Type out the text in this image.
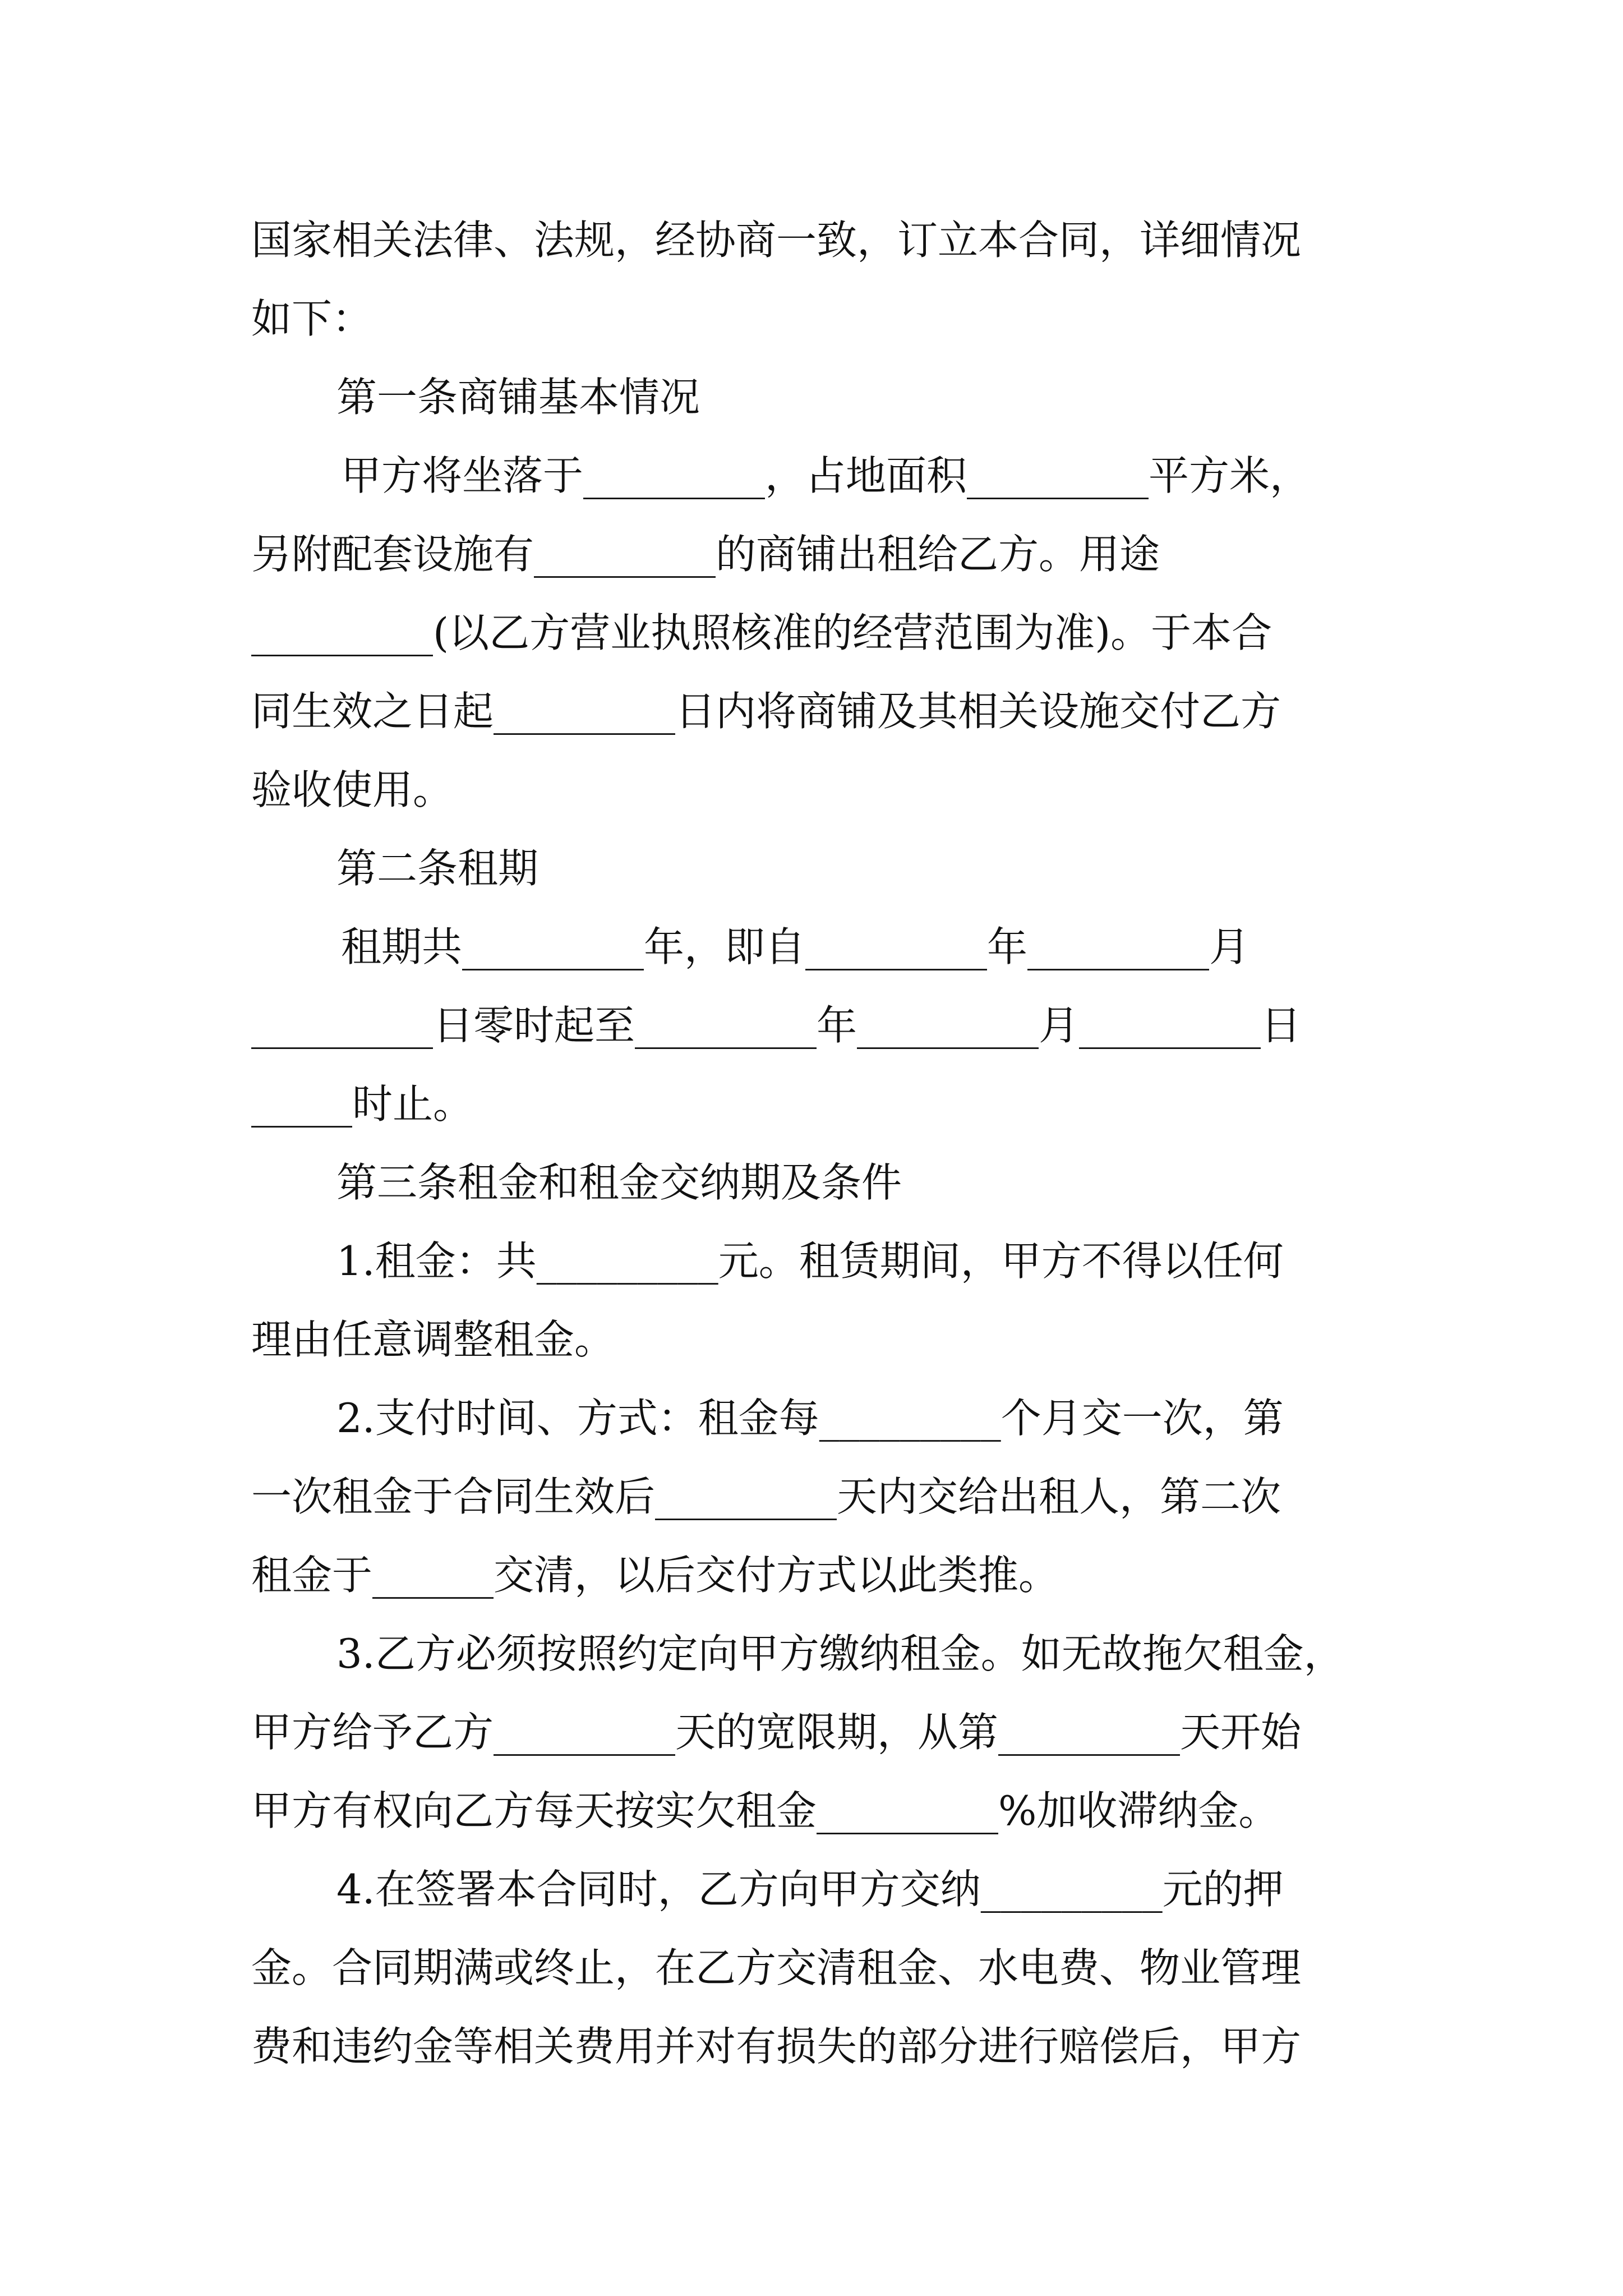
国家相关法律、法规，经协商一致，订立本合同，详细情况
如下：
第一条商铺基本情况
甲方将坐落于_________，占地面积_________平方米，
另附配套设施有_________的商铺出租给乙方。用途
_________(以乙方营业执照核准的经营范围为准)。于本合
同生效之日起_________日内将商铺及其相关设施交付乙方
验收使用。
第二条租期
租期共_________年，即自_________年_________月
_________日零时起至_________年_________月_________日
_____时止。
第三条租金和租金交纳期及条件
1.租金：共_________元。租赁期间，甲方不得以任何
理由任意调整租金。
2.支付时间、方式：租金每_________个月交一次，第
一次租金于合同生效后_________天内交给出租人，第二次
租金于______交清，以后交付方式以此类推。
3.乙方必须按照约定向甲方缴纳租金。如无故拖欠租金，
甲方给予乙方_________天的宽限期，从第_________天开始
甲方有权向乙方每天按实欠租金_________%加收滞纳金。
4.在签署本合同时，乙方向甲方交纳_________元的押
金。合同期满或终止，在乙方交清租金、水电费、物业管理
费和违约金等相关费用并对有损失的部分进行赔偿后，甲方
